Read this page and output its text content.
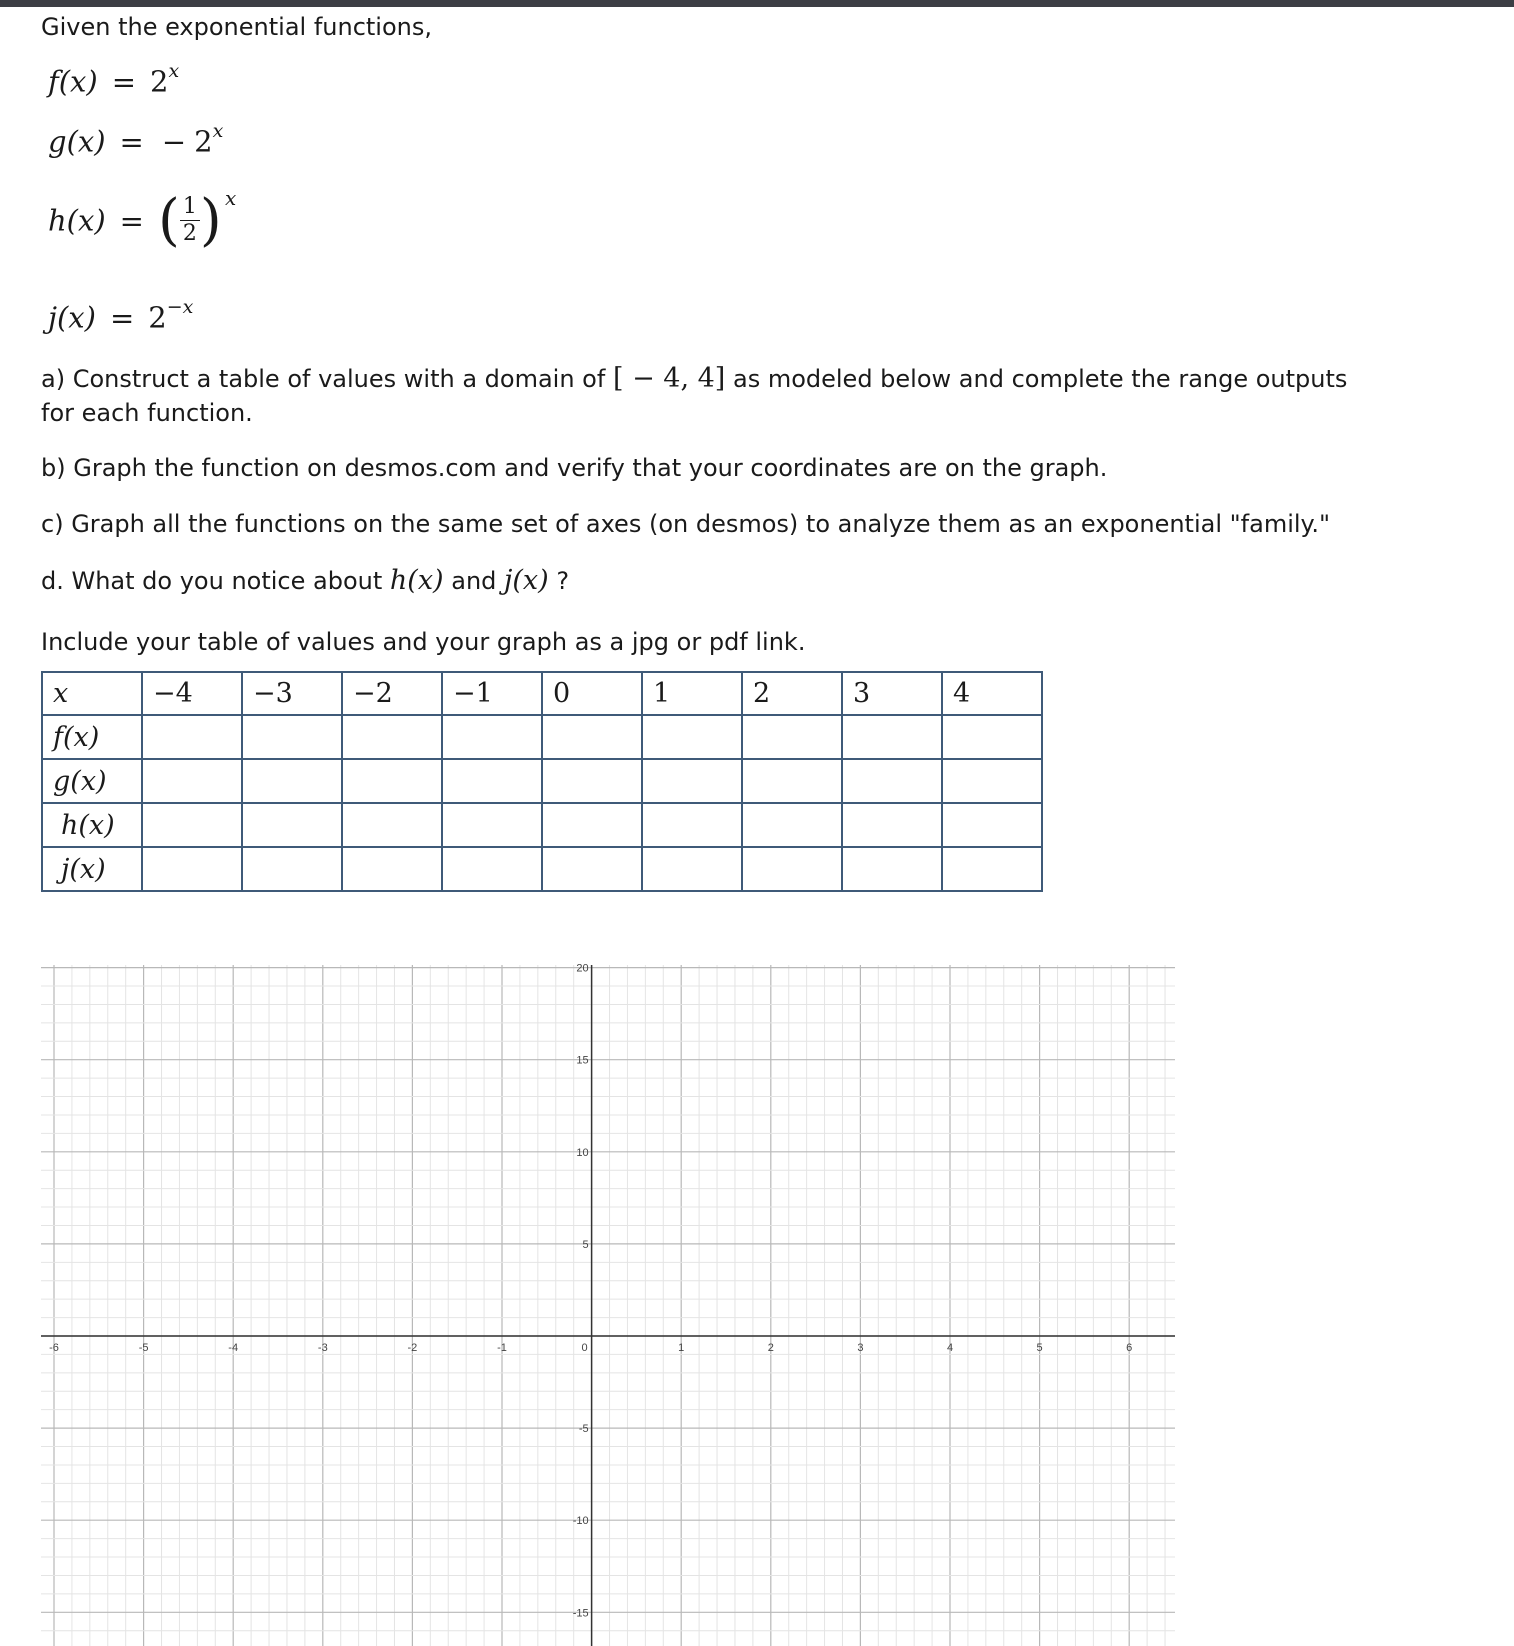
Given the exponential functions,
$f(x) = 2^x$
g(x) = − $2^x$
h(x) = ( $\frac{1}{2}$ ) x
$j(x) = 2^{-x}$
a) Construct a table of values with a domain of [ − 4, 4] as modeled below and complete the range outputs
for each function.
b) Graph the function on desmos.com and verify that your coordinates are on the graph.
c) Graph all the functions on the same set of axes (on desmos) to analyze them as an exponential "family."
d. What do you notice about h(x) and j(x) ?
Include your table of values and your graph as a jpg or pdf link.
x	−4	−3	−2	−1	0	1	2	3	4
f(x)									
g(x)									
h(x)									
j(x)									
-6	-5	-4	-3	-2	-1	0	1	2	3	4	5	6
20
15
10
5
-5
-10
-15
